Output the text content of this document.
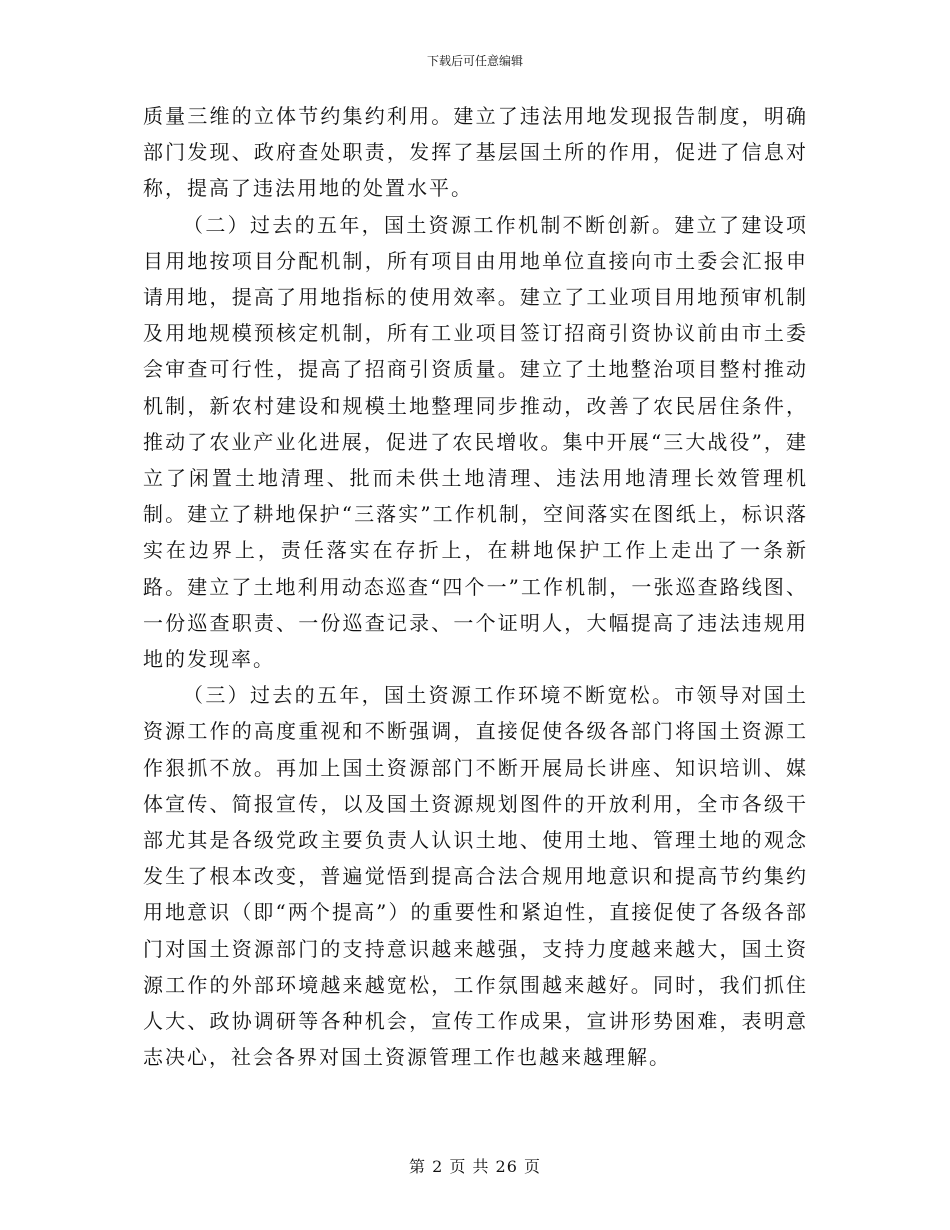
下载后可任意编辑

质量三维的立体节约集约利用。建立了违法用地发现报告制度，明确部门发现、政府查处职责，发挥了基层国土所的作用，促进了信息对称，提高了违法用地的处置水平。

（二）过去的五年，国土资源工作机制不断创新。建立了建设项目用地按项目分配机制，所有项目由用地单位直接向市土委会汇报申请用地，提高了用地指标的使用效率。建立了工业项目用地预审机制及用地规模预核定机制，所有工业项目签订招商引资协议前由市土委会审查可行性，提高了招商引资质量。建立了土地整治项目整村推动机制，新农村建设和规模土地整理同步推动，改善了农民居住条件，推动了农业产业化进展，促进了农民增收。集中开展“三大战役”，建立了闲置土地清理、批而未供土地清理、违法用地清理长效管理机制。建立了耕地保护“三落实”工作机制，空间落实在图纸上，标识落实在边界上，责任落实在存折上，在耕地保护工作上走出了一条新路。建立了土地利用动态巡查“四个一”工作机制，一张巡查路线图、一份巡查职责、一份巡查记录、一个证明人，大幅提高了违法违规用地的发现率。

（三）过去的五年，国土资源工作环境不断宽松。市领导对国土资源工作的高度重视和不断强调，直接促使各级各部门将国土资源工作狠抓不放。再加上国土资源部门不断开展局长讲座、知识培训、媒体宣传、简报宣传，以及国土资源规划图件的开放利用，全市各级干部尤其是各级党政主要负责人认识土地、使用土地、管理土地的观念发生了根本改变，普遍觉悟到提高合法合规用地意识和提高节约集约用地意识（即“两个提高”）的重要性和紧迫性，直接促使了各级各部门对国土资源部门的支持意识越来越强，支持力度越来越大，国土资源工作的外部环境越来越宽松，工作氛围越来越好。同时，我们抓住人大、政协调研等各种机会，宣传工作成果，宣讲形势困难，表明意志决心，社会各界对国土资源管理工作也越来越理解。

第 2 页 共 26 页
